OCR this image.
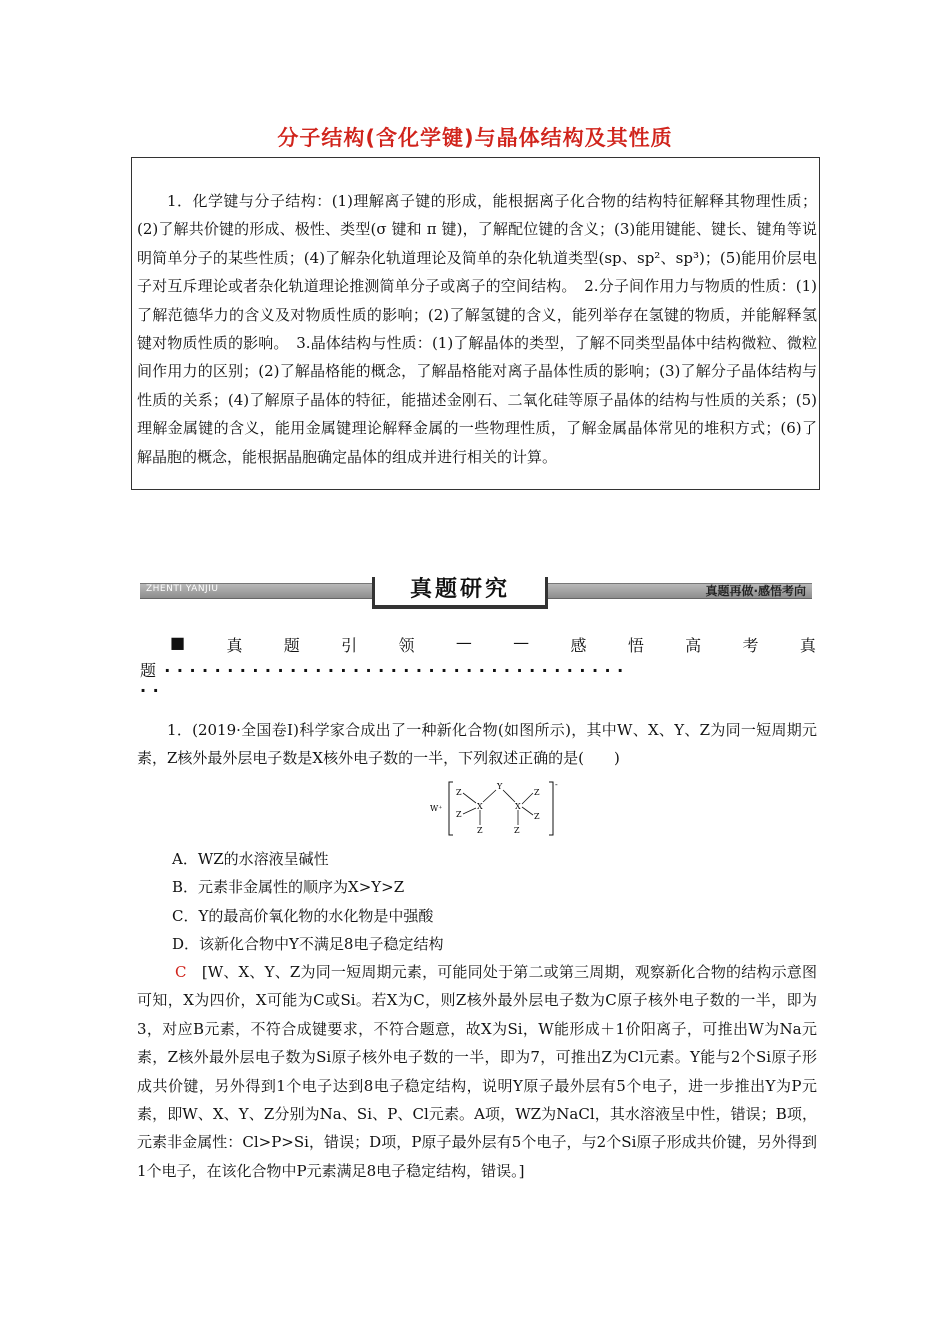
分子结构(含化学键)与晶体结构及其性质
1．化学键与分子结构：(1)理解离子键的形成，能根据离子化合物的结构特征解释其物理性质；(2)了解共价键的形成、极性、类型(σ 键和 π 键)，了解配位键的含义；(3)能用键能、键长、键角等说明简单分子的某些性质；(4)了解杂化轨道理论及简单的杂化轨道类型(sp、sp²、sp³)；(5)能用价层电子对互斥理论或者杂化轨道理论推测简单分子或离子的空间结构。　2.分子间作用力与物质的性质：(1)了解范德华力的含义及对物质性质的影响；(2)了解氢键的含义，能列举存在氢键的物质，并能解释氢键对物质性质的影响。　3.晶体结构与性质：(1)了解晶体的类型，了解不同类型晶体中结构微粒、微粒间作用力的区别；(2)了解晶格能的概念，了解晶格能对离子晶体性质的影响；(3)了解分子晶体结构与性质的关系；(4)了解原子晶体的特征，能描述金刚石、二氧化硅等原子晶体的结构与性质的关系；(5)理解金属键的含义，能用金属键理论解释金属的一些物理性质，了解金属晶体常见的堆积方式；(6)了解晶胞的概念，能根据晶胞确定晶体的组成并进行相关的计算。
ZHENTI YANJIU	真题研究	真题再做·感悟考向
■	真	题	引	领	—	—	感	悟	高	考	真
题 ·····································
··
1．(2019·全国卷Ⅰ)科学家合成出了一种新化合物(如图所示)，其中W、X、Y、Z为同一短周期元素，Z核外最外层电子数是X核外电子数的一半，下列叙述正确的是(　　)
W⁺
-
Z
Z
X
Z
Y
X
Z
Z
Z
A．WZ的水溶液呈碱性
B．元素非金属性的顺序为X>Y>Z
C．Y的最高价氧化物的水化物是中强酸
D．该新化合物中Y不满足8电子稳定结构
C　 [W、X、Y、Z为同一短周期元素，可能同处于第二或第三周期，观察新化合物的结构示意图可知，X为四价，X可能为C或Si。若X为C，则Z核外最外层电子数为C原子核外电子数的一半，即为3，对应B元素，不符合成键要求，不符合题意，故X为Si，W能形成＋1价阳离子，可推出W为Na元素，Z核外最外层电子数为Si原子核外电子数的一半，即为7，可推出Z为Cl元素。Y能与2个Si原子形成共价键，另外得到1个电子达到8电子稳定结构，说明Y原子最外层有5个电子，进一步推出Y为P元素，即W、X、Y、Z分别为Na、Si、P、Cl元素。A项，WZ为NaCl，其水溶液呈中性，错误；B项，元素非金属性：Cl>P>Si，错误；D项，P原子最外层有5个电子，与2个Si原子形成共价键，另外得到1个电子，在该化合物中P元素满足8电子稳定结构，错误。]
